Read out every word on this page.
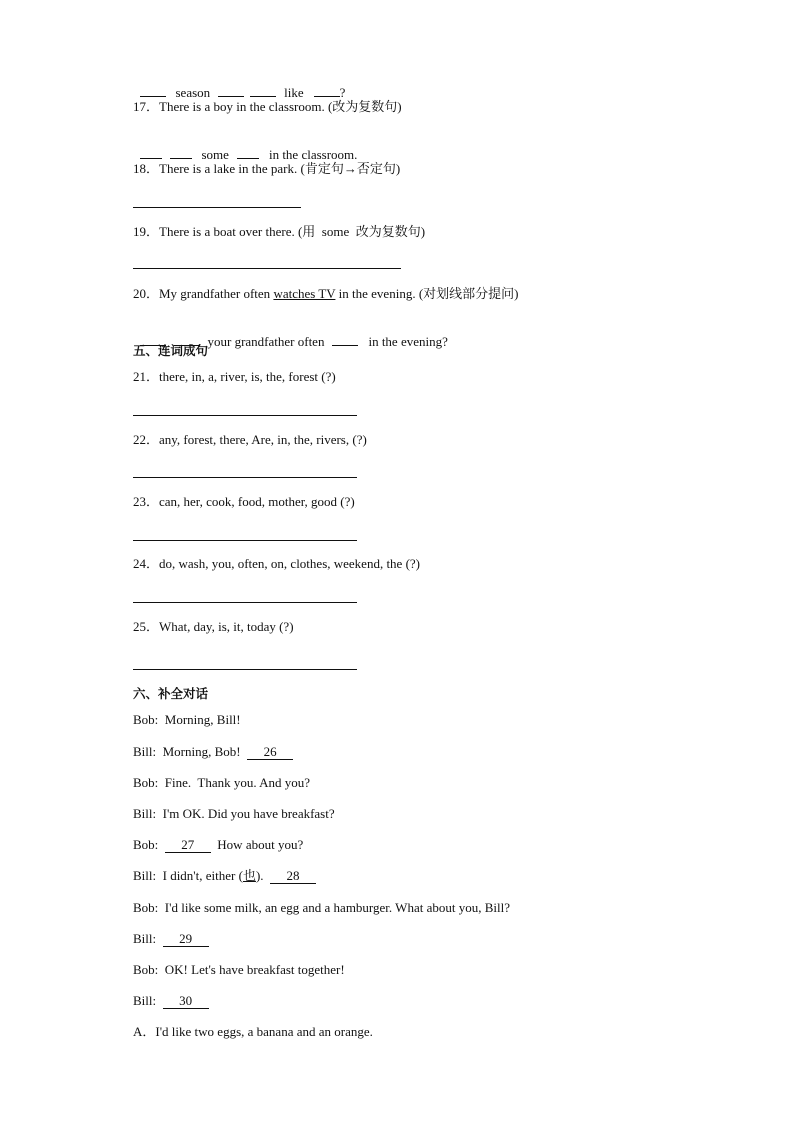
season	like	?

17．There is a boy in the classroom. (改为复数句)

some	in the classroom.

18．There is a lake in the park. (肯定句→否定句)
19．There is a boat over there. (用  some  改为复数句)
20．My grandfather often watches TV in the evening. (对划线部分提问)

your grandfather often	in the evening?

五、连词成句
21．there, in, a, river, is, the, forest (?)
22．any, forest, there, Are, in, the, rivers, (?)
23．can, her, cook, food, mother, good (?)
24．do, wash, you, often, on, clothes, weekend, the (?)
25．What, day, is, it, today (?)
六、补全对话
Bob:  Morning, Bill!
Bill:  Morning, Bob!  26
Bob:  Fine.  Thank you. And you?
Bill:  I'm OK. Did you have breakfast?
Bob:  27  How about you?
Bill:  I didn't, either (也).  28
Bob:  I'd like some milk, an egg and a hamburger. What about you, Bill?
Bill:  29
Bob:  OK! Let's have breakfast together!
Bill:  30
A．I'd like two eggs, a banana and an orange.
